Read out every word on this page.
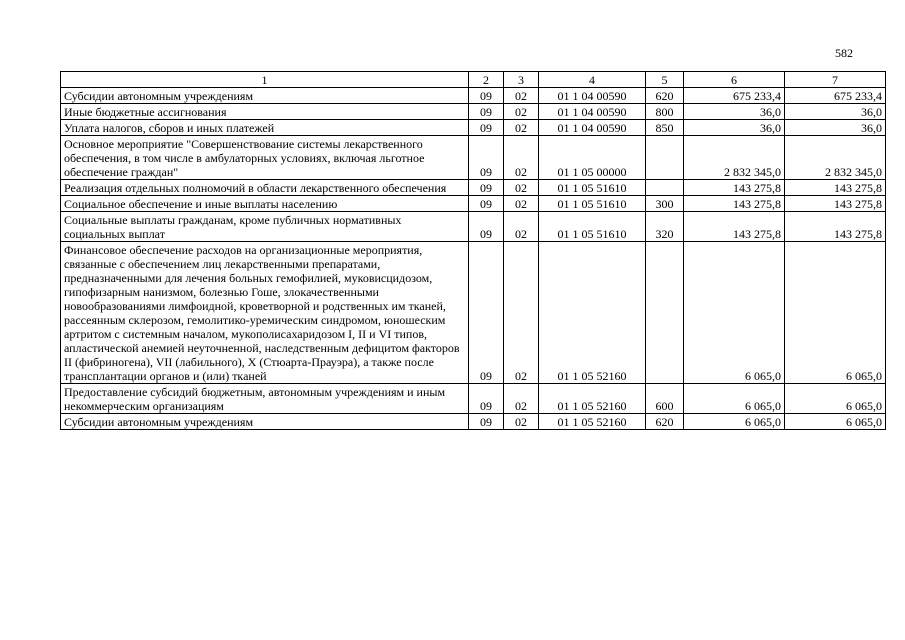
582
1	2	3	4	5	6	7
Субсидии автономным учреждениям	09	02	01 1 04 00590	620	675 233,4	675 233,4
Иные бюджетные ассигнования	09	02	01 1 04 00590	800	36,0	36,0
Уплата налогов, сборов и иных платежей	09	02	01 1 04 00590	850	36,0	36,0
Основное мероприятие "Совершенствование системы лекарственного обеспечения, в том числе в амбулаторных условиях, включая льготное обеспечение граждан"	09	02	01 1 05 00000		2 832 345,0	2 832 345,0
Реализация отдельных полномочий в области лекарственного обеспечения	09	02	01 1 05 51610		143 275,8	143 275,8
Социальное обеспечение и иные выплаты населению	09	02	01 1 05 51610	300	143 275,8	143 275,8
Социальные выплаты гражданам, кроме публичных нормативных социальных выплат	09	02	01 1 05 51610	320	143 275,8	143 275,8
Финансовое обеспечение расходов на организационные мероприятия, связанные с обеспечением лиц лекарственными препаратами, предназначенными для лечения больных гемофилией, муковисцидозом, гипофизарным нанизмом, болезнью Гоше, злокачественными новообразованиями лимфоидной, кроветворной и родственных им тканей, рассеянным склерозом, гемолитико-уремическим синдромом, юношеским артритом с системным началом, мукополисахаридозом I, II и VI типов, апластической анемией неуточненной, наследственным дефицитом факторов II (фибриногена), VII (лабильного), X (Стюарта-Прауэра), а также после трансплантации органов и (или) тканей	09	02	01 1 05 52160		6 065,0	6 065,0
Предоставление субсидий бюджетным, автономным учреждениям и иным некоммерческим организациям	09	02	01 1 05 52160	600	6 065,0	6 065,0
Субсидии автономным учреждениям	09	02	01 1 05 52160	620	6 065,0	6 065,0
